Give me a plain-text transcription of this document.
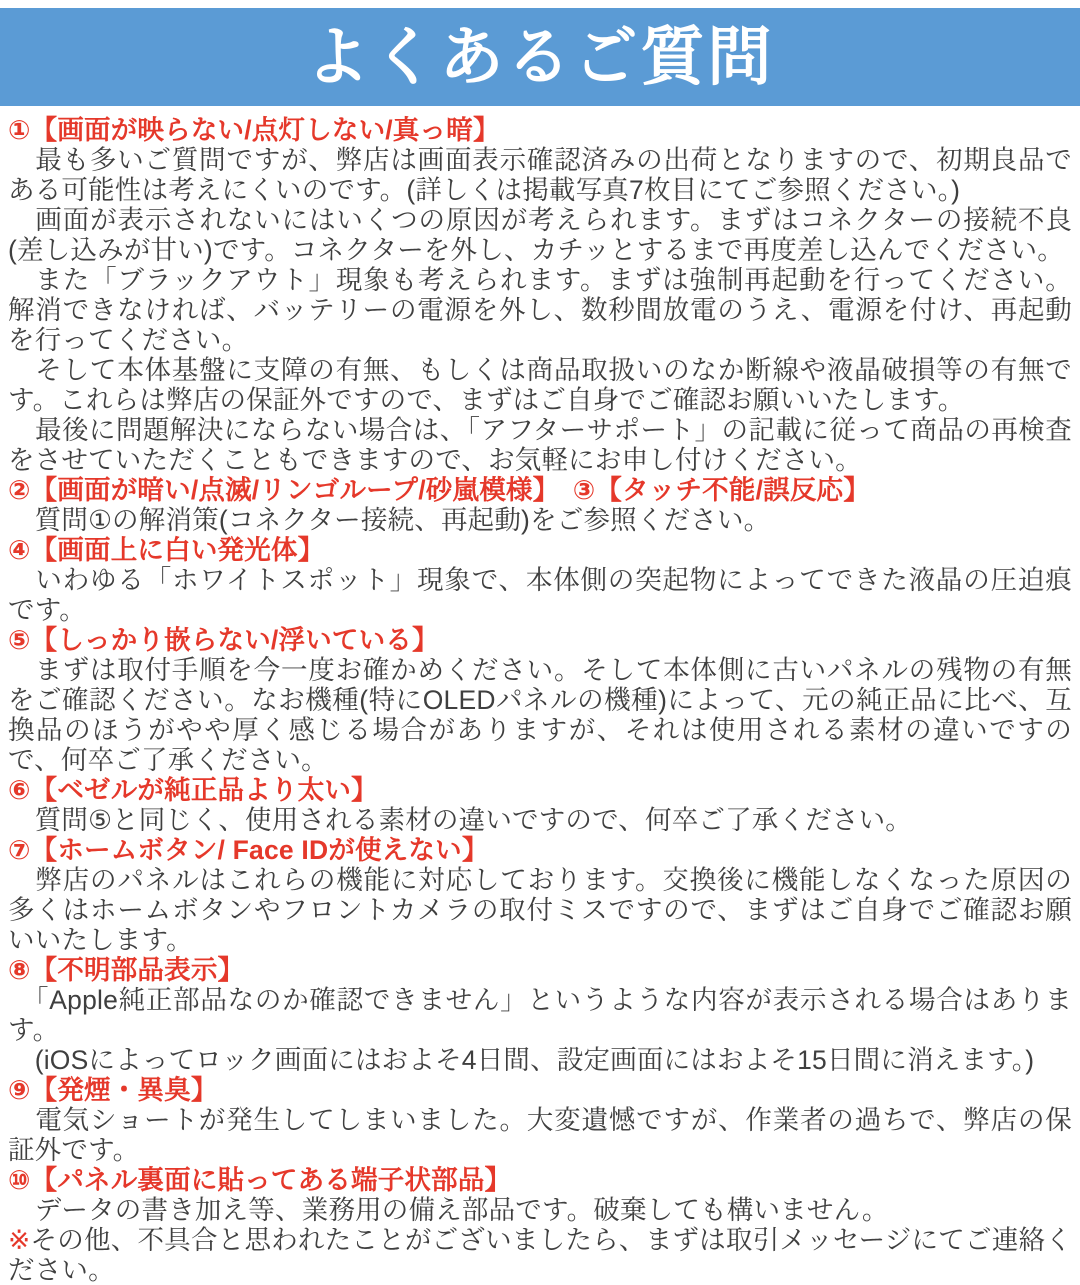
よくあるご質問
①【画面が映らない/点灯しない/真っ暗】

　最も多いご質問ですが、弊店は画面表示確認済みの出荷となりますので、初期良品である可能性は考えにくいのです。(詳しくは掲載写真7枚目にてご参照ください。)

　画面が表示されないにはいくつの原因が考えられます。まずはコネクターの接続不良(差し込みが甘い)です。コネクターを外し、カチッとするまで再度差し込んでください。

　また「ブラックアウト」現象も考えられます。まずは強制再起動を行ってください。解消できなければ、バッテリーの電源を外し、数秒間放電のうえ、電源を付け、再起動を行ってください。

　そして本体基盤に支障の有無、もしくは商品取扱いのなか断線や液晶破損等の有無です。これらは弊店の保証外ですので、まずはご自身でご確認お願いいたします。

　最後に問題解決にならない場合は、「アフターサポート」の記載に従って商品の再検査をさせていただくこともできますので、お気軽にお申し付けください。

②【画面が暗い/点滅/リンゴループ/砂嵐模様】　③【タッチ不能/誤反応】

　質問①の解消策(コネクター接続、再起動)をご参照ください。

④【画面上に白い発光体】

　いわゆる「ホワイトスポット」現象で、本体側の突起物によってできた液晶の圧迫痕です。

⑤【しっかり嵌らない/浮いている】

　まずは取付手順を今一度お確かめください。そして本体側に古いパネルの残物の有無をご確認ください。なお機種(特にOLEDパネルの機種)によって、元の純正品に比べ、互換品のほうがやや厚く感じる場合がありますが、それは使用される素材の違いですので、何卒ご了承ください。

⑥【ベゼルが純正品より太い】

　質問⑤と同じく、使用される素材の違いですので、何卒ご了承ください。

⑦【ホームボタン/ Face IDが使えない】

　弊店のパネルはこれらの機能に対応しております。交換後に機能しなくなった原因の多くはホームボタンやフロントカメラの取付ミスですので、まずはご自身でご確認お願いいたします。

⑧【不明部品表示】

　「Apple純正部品なのか確認できません」というような内容が表示される場合はあります。

　(iOSによってロック画面にはおよそ4日間、設定画面にはおよそ15日間に消えます。)

⑨【発煙・異臭】

　電気ショートが発生してしまいました。大変遺憾ですが、作業者の過ちで、弊店の保証外です。

⑩【パネル裏面に貼ってある端子状部品】

　データの書き加え等、業務用の備え部品です。破棄しても構いません。

※その他、不具合と思われたことがございましたら、まずは取引メッセージにてご連絡ください。
